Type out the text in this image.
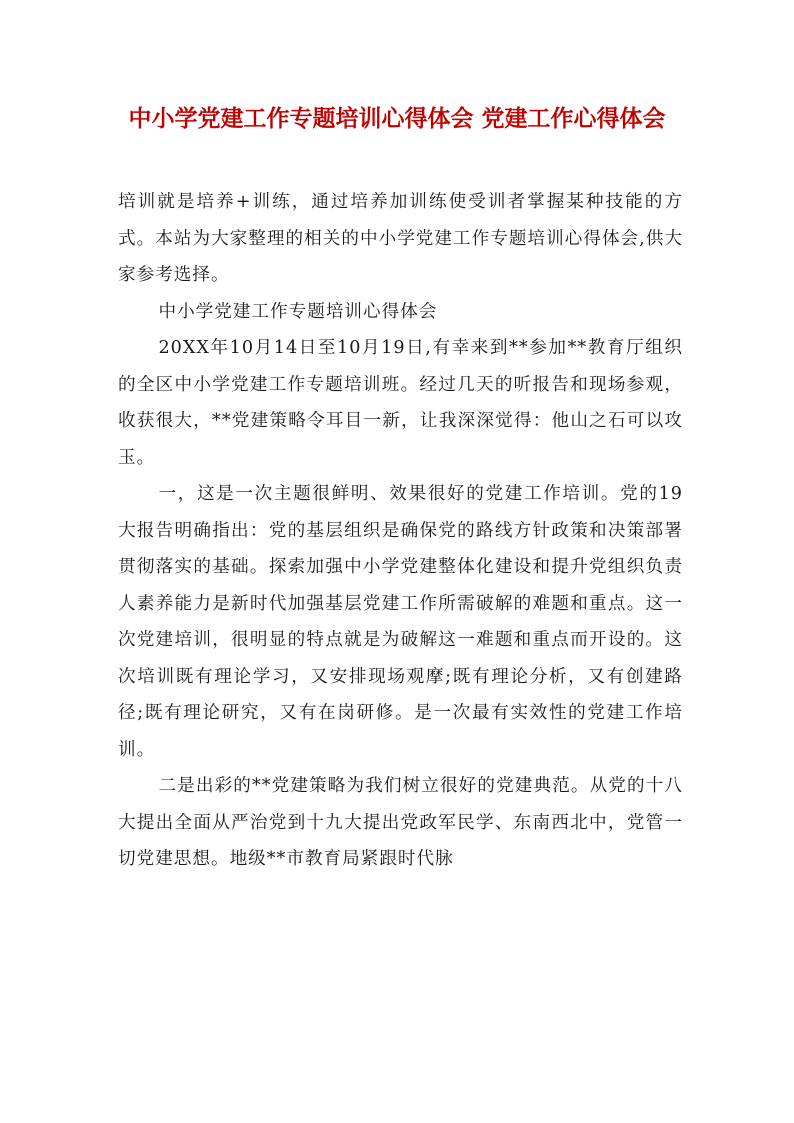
中小学党建工作专题培训心得体会 党建工作心得体会

培训就是培养+训练，通过培养加训练使受训者掌握某种技能的方式。本站为大家整理的相关的中小学党建工作专题培训心得体会,供大家参考选择。

中小学党建工作专题培训心得体会

20XX年10月14日至10月19日,有幸来到**参加**教育厅组织的全区中小学党建工作专题培训班。经过几天的听报告和现场参观，收获很大，**党建策略令耳目一新，让我深深觉得：他山之石可以攻玉。

一，这是一次主题很鲜明、效果很好的党建工作培训。党的19大报告明确指出：党的基层组织是确保党的路线方针政策和决策部署贯彻落实的基础。探索加强中小学党建整体化建设和提升党组织负责人素养能力是新时代加强基层党建工作所需破解的难题和重点。这一次党建培训，很明显的特点就是为破解这一难题和重点而开设的。这次培训既有理论学习，又安排现场观摩;既有理论分析，又有创建路径;既有理论研究，又有在岗研修。是一次最有实效性的党建工作培训。

二是出彩的**党建策略为我们树立很好的党建典范。从党的十八大提出全面从严治党到十九大提出党政军民学、东南西北中，党管一切党建思想。地级**市教育局紧跟时代脉
